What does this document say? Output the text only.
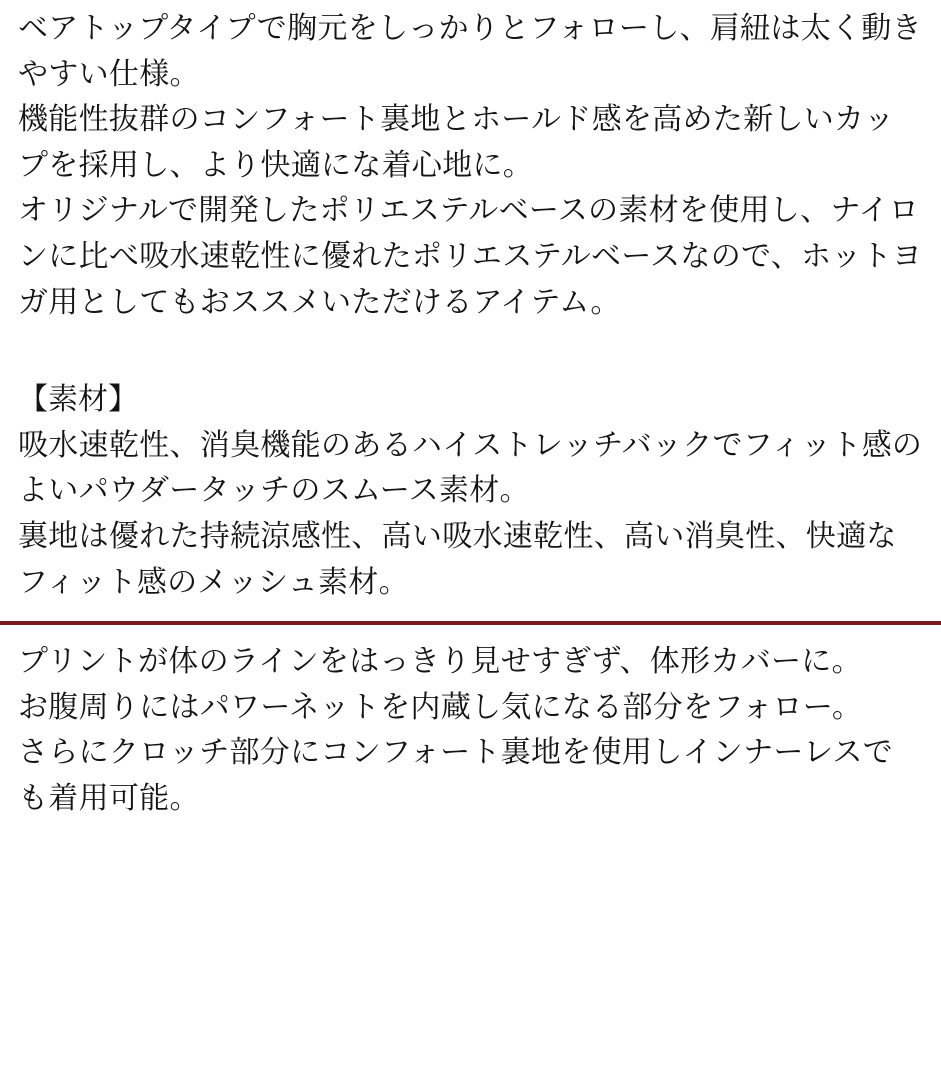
ベアトップタイプで胸元をしっかりとフォローし、肩紐は太く動きやすい仕様。

機能性抜群のコンフォート裏地とホールド感を高めた新しいカップを採用し、より快適にな着心地に。

オリジナルで開発したポリエステルベースの素材を使用し、ナイロンに比べ吸水速乾性に優れたポリエステルベースなので、ホットヨガ用としてもおススメいただけるアイテム。

【素材】

吸水速乾性、消臭機能のあるハイストレッチバックでフィット感のよいパウダータッチのスムース素材。

裏地は優れた持続涼感性、高い吸水速乾性、高い消臭性、快適なフィット感のメッシュ素材。

プリントが体のラインをはっきり見せすぎず、体形カバーに。

お腹周りにはパワーネットを内蔵し気になる部分をフォロー。

さらにクロッチ部分にコンフォート裏地を使用しインナーレスでも着用可能。
